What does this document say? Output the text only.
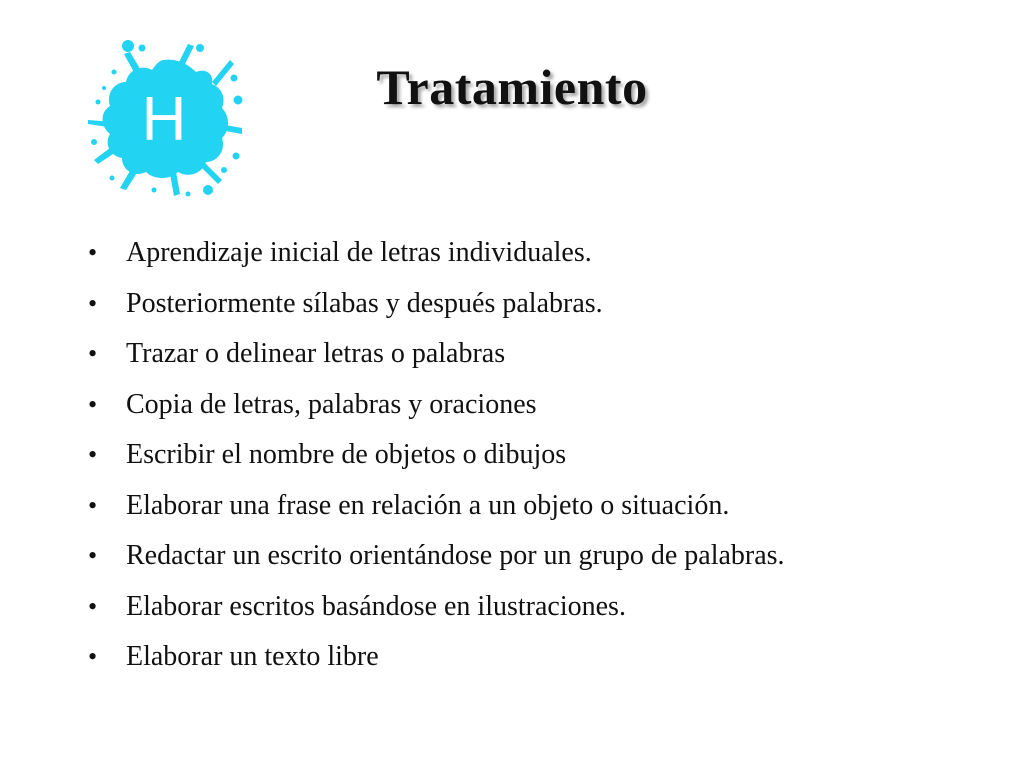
H	Tratamiento
• Aprendizaje inicial de letras individuales.
• Posteriormente sílabas y después palabras.
• Trazar o delinear letras o palabras
• Copia de letras, palabras y oraciones
• Escribir el nombre de objetos o dibujos
• Elaborar una frase en relación a un objeto o situación.
• Redactar un escrito orientándose por un grupo de palabras.
• Elaborar escritos basándose en ilustraciones.
• Elaborar un texto libre
